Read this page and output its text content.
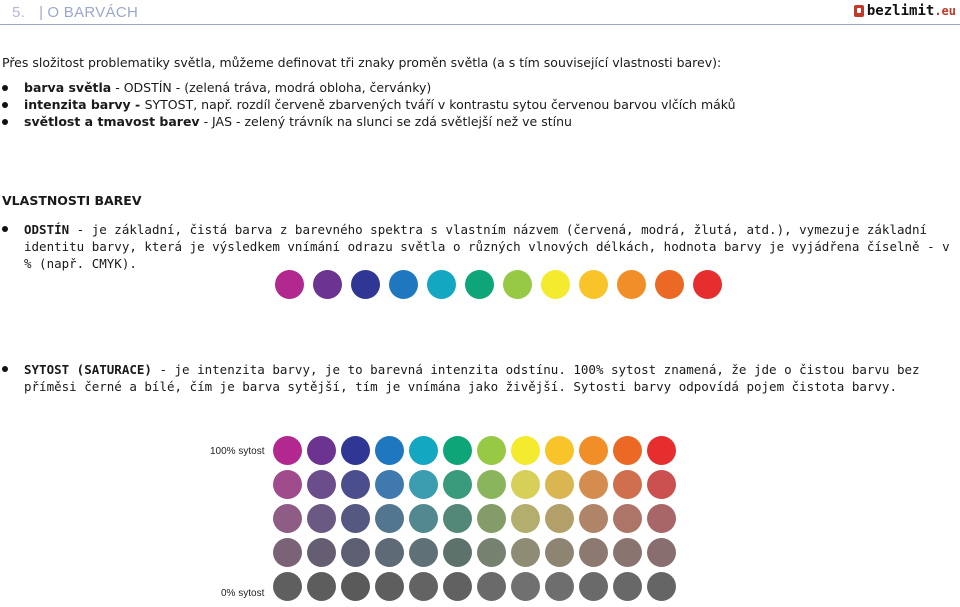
5. | O BARVÁCH	bezlimit.eu
Přes složitost problematiky světla, můžeme definovat tři znaky proměn světla (a s tím související vlastnosti barev):
barva světla - ODSTÍN - (zelená tráva, modrá obloha, červánky)
intenzita barvy - SYTOST, např. rozdíl červeně zbarvených tváří v kontrastu sytou červenou barvou vlčích máků
světlost a tmavost barev - JAS - zelený trávník na slunci se zdá světlejší než ve stínu
VLASTNOSTI BAREV
ODSTÍN - je základní, čistá barva z barevného spektra s vlastním názvem (červená, modrá, žlutá, atd.), vymezuje základní identitu barvy, která je výsledkem vnímání odrazu světla o různých vlnových délkách, hodnota barvy je vyjádřena číselně - v % (např. CMYK).
SYTOST (SATURACE) - je intenzita barvy, je to barevná intenzita odstínu. 100% sytost znamená, že jde o čistou barvu bez příměsi černé a bílé, čím je barva sytější, tím je vnímána jako živější. Sytosti barvy odpovídá pojem čistota barvy.
100% sytost
0% sytost
